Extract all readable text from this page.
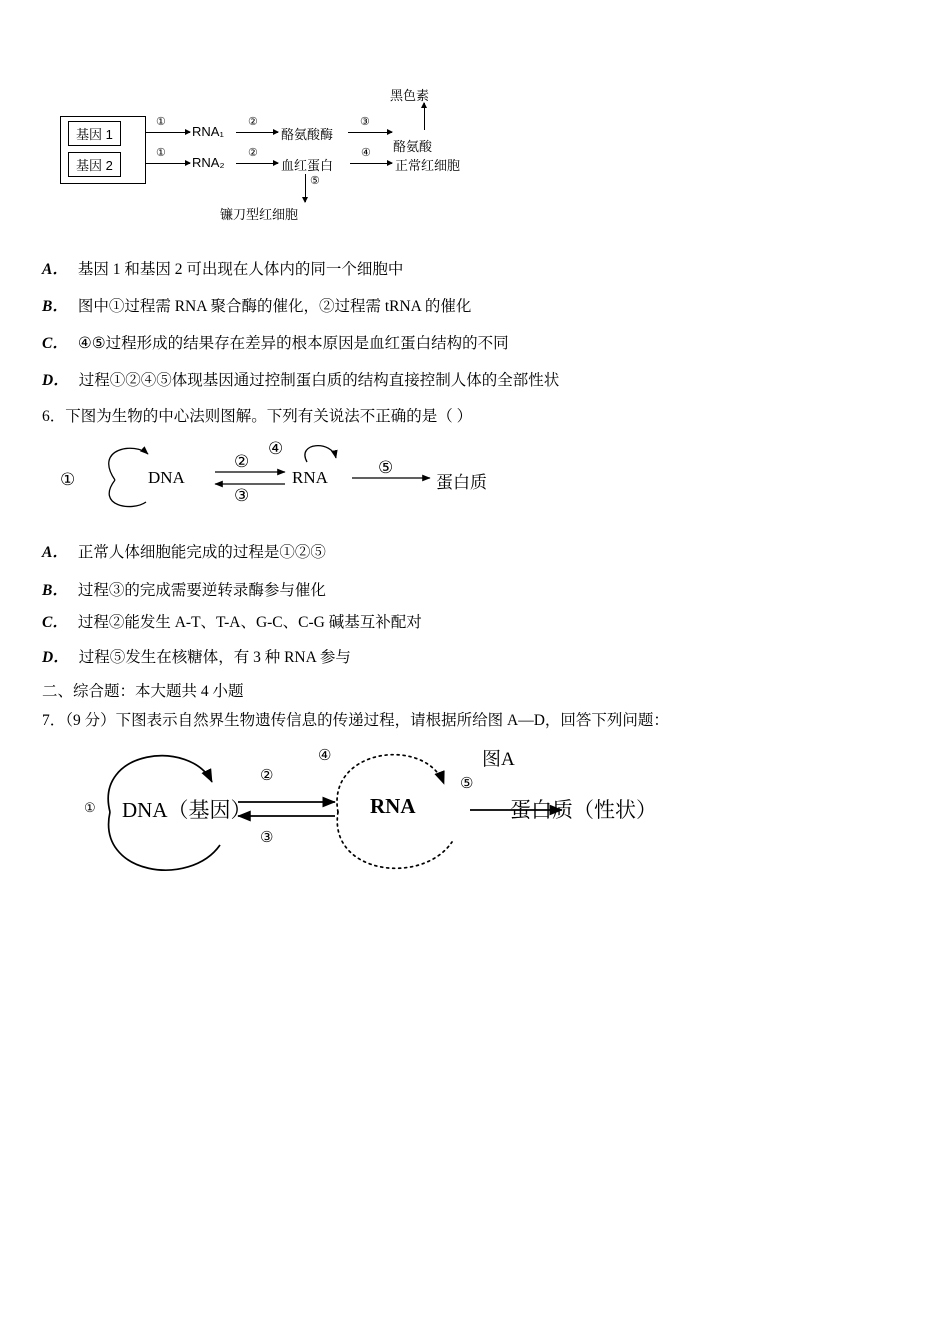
基因 1
基因 2
①
RNA₁
②
酪氨酸酶
③
酪氨酸
黑色素
①
RNA₂
②
血红蛋白
④
正常红细胞
⑤
镰刀型红细胞
A． 基因 1 和基因 2 可出现在人体内的同一个细胞中
B． 图中①过程需 RNA 聚合酶的催化，②过程需 tRNA 的催化
C． ④⑤过程形成的结果存在差异的根本原因是血红蛋白结构的不同
D． 过程①②④⑤体现基因通过控制蛋白质的结构直接控制人体的全部性状
6．下图为生物的中心法则图解。下列有关说法不正确的是（ ）
①	DNA
②
③
④
RNA
⑤
蛋白质
A． 正常人体细胞能完成的过程是①②⑤
B． 过程③的完成需要逆转录酶参与催化
C． 过程②能发生 A-T、T-A、G-C、C-G 碱基互补配对
D． 过程⑤发生在核糖体，有 3 种 RNA 参与
二、综合题：本大题共 4 小题
7．（9 分）下图表示自然界生物遗传信息的传递过程，请根据所给图 A—D，回答下列问题：
① DNA（基因）
②
③
④
RNA
⑤
蛋白质（性状）
图A
